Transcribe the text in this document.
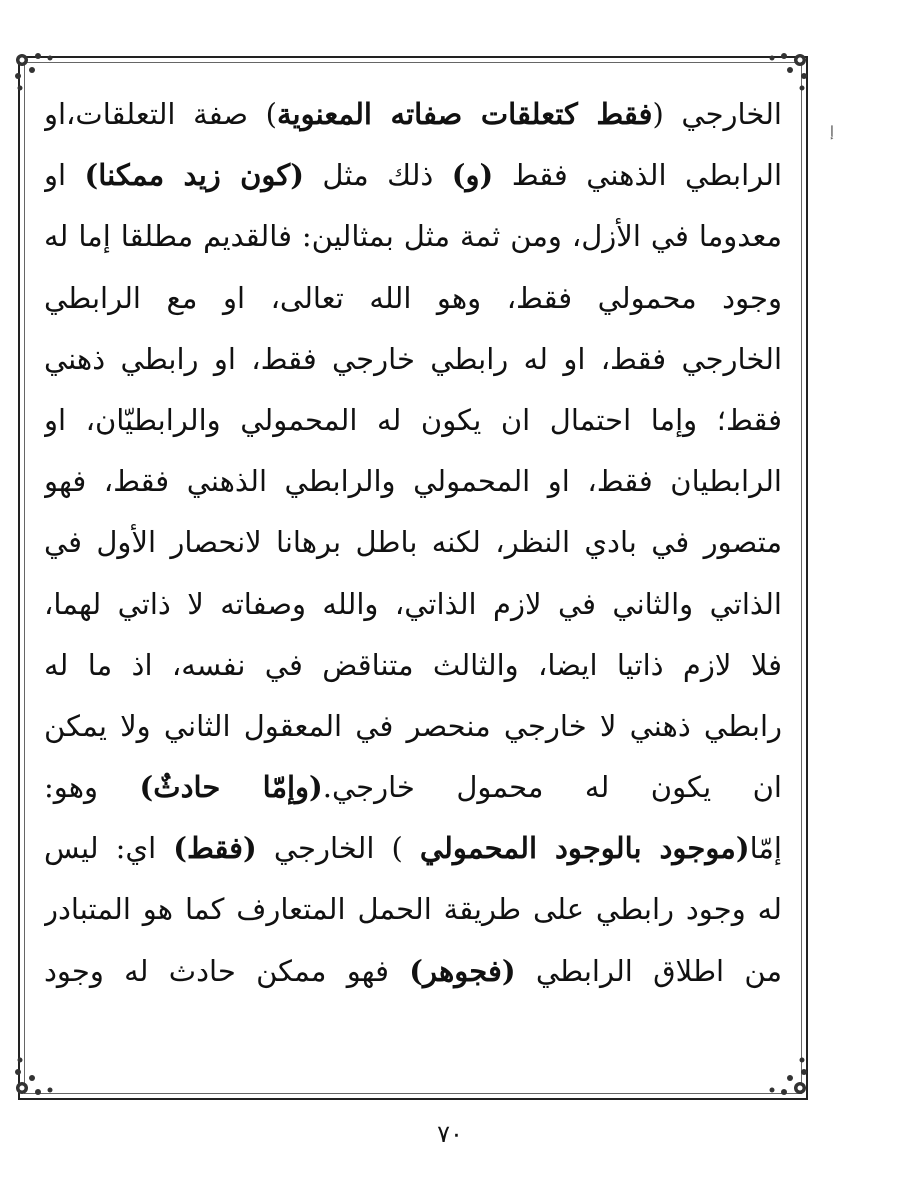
إ
الخارجي (فقط كتعلقات صفاته المعنوية) صفة التعلقات،او
الرابطي الذهني فقط (و) ذلك مثل (كون زيد ممكنا) او
معدوما في الأزل، ومن ثمة مثل بمثالين: فالقديم مطلقا إما له
وجود محمولي فقط، وهو الله تعالى، او مع الرابطي
الخارجي فقط، او له رابطي خارجي فقط، او رابطي ذهني
فقط؛ وإما احتمال ان يكون له المحمولي والرابطيّان، او
الرابطيان فقط، او المحمولي والرابطي الذهني فقط، فهو
متصور في بادي النظر، لكنه باطل برهانا لانحصار الأول في
الذاتي والثاني في لازم الذاتي، والله وصفاته لا ذاتي لهما،
فلا لازم ذاتيا ايضا، والثالث متناقض في نفسه، اذ ما له
رابطي ذهني لا خارجي منحصر في المعقول الثاني ولا يمكن
ان يكون له محمول خارجي.(وإمّا حادثٌ) وهو:
إمّا(موجود بالوجود المحمولي ) الخارجي (فقط) اي: ليس
له وجود رابطي على طريقة الحمل المتعارف كما هو المتبادر
من اطلاق الرابطي (فجوهر) فهو ممكن حادث له وجود
٧٠
